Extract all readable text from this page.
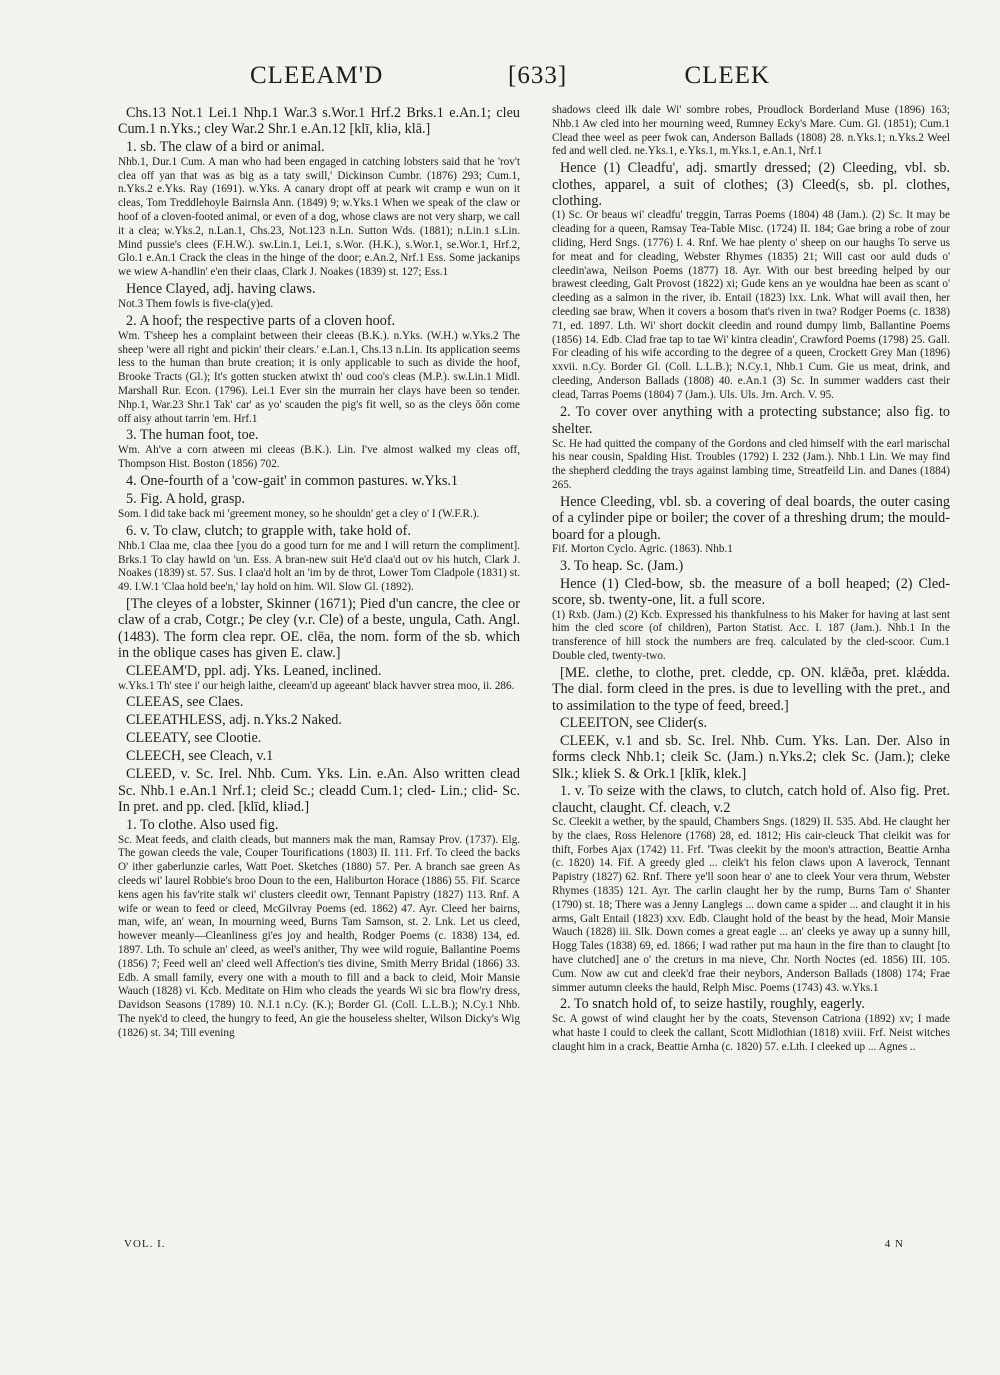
CLEEAM'D	[633]	CLEEK

Chs.13 Not.1 Lei.1 Nhp.1 War.3 s.Wor.1 Hrf.2 Brks.1 e.An.1; cleu Cum.1 n.Yks.; cley War.2 Shr.1 e.An.12 [klī, kliə, klā.]

1. sb. The claw of a bird or animal.

Nhb.1, Dur.1 Cum. A man who had been engaged in catching lobsters said that he 'rov't clea off yan that was as big as a taty swill,' Dickinson Cumbr. (1876) 293; Cum.1, n.Yks.2 e.Yks. Ray (1691). w.Yks. A canary dropt off at peark wit cramp e wun on it cleas, Tom Treddlehoyle Bairnsla Ann. (1849) 9; w.Yks.1 When we speak of the claw or hoof of a cloven-footed animal, or even of a dog, whose claws are not very sharp, we call it a clea; w.Yks.2, n.Lan.1, Chs.23, Not.123 n.Ln. Sutton Wds. (1881); n.Lin.1 s.Lin. Mind pussie's clees (F.H.W.). sw.Lin.1, Lei.1, s.Wor. (H.K.), s.Wor.1, se.Wor.1, Hrf.2, Glo.1 e.An.1 Crack the cleas in the hinge of the door; e.An.2, Nrf.1 Ess. Some jackanips we wiew A-handlin' e'en their claas, Clark J. Noakes (1839) st. 127; Ess.1

Hence Clayed, adj. having claws.

Not.3 Them fowls is five-cla(y)ed.

2. A hoof; the respective parts of a cloven hoof.

Wm. T'sheep hes a complaint between their cleeas (B.K.). n.Yks. (W.H.) w.Yks.2 The sheep 'were all right and pickin' their clears.' e.Lan.1, Chs.13 n.Lin. Its application seems less to the human than brute creation; it is only applicable to such as divide the hoof, Brooke Tracts (Gl.); It's gotten stucken atwixt th' oud coo's cleas (M.P.). sw.Lin.1 Midl. Marshall Rur. Econ. (1796). Lei.1 Ever sin the murrain her clays have been so tender. Nhp.1, War.23 Shr.1 Tak' car' as yo' scauden the pig's fit well, so as the cleys ŏŏn come off aisy athout tarrin 'em. Hrf.1

3. The human foot, toe.

Wm. Ah've a corn atween mi cleeas (B.K.). Lin. I've almost walked my cleas off, Thompson Hist. Boston (1856) 702.

4. One-fourth of a 'cow-gait' in common pastures. w.Yks.1

5. Fig. A hold, grasp.

Som. I did take back mi 'greement money, so he shouldn' get a cley o' I (W.F.R.).

6. v. To claw, clutch; to grapple with, take hold of.

Nhb.1 Claa me, claa thee [you do a good turn for me and I will return the compliment]. Brks.1 To clay hawld on 'un. Ess. A bran-new suit He'd claa'd out ov his hutch, Clark J. Noakes (1839) st. 57. Sus. I claa'd holt an 'im by de throt, Lower Tom Cladpole (1831) st. 49. I.W.1 'Claa hold bee'n,' lay hold on him. Wil. Slow Gl. (1892).

[The cleyes of a lobster, Skinner (1671); Pied d'un cancre, the clee or claw of a crab, Cotgr.; Þe cley (v.r. Cle) of a beste, ungula, Cath. Angl. (1483). The form clea repr. OE. clēa, the nom. form of the sb. which in the oblique cases has given E. claw.]

CLEEAM'D, ppl. adj. Yks. Leaned, inclined.

w.Yks.1 Th' stee i' our heigh laithe, cleeam'd up ageeant' black havver strea moo, ii. 286.

CLEEAS, see Claes.

CLEEATHLESS, adj. n.Yks.2 Naked.

CLEEATY, see Clootie.

CLEECH, see Cleach, v.1

CLEED, v. Sc. Irel. Nhb. Cum. Yks. Lin. e.An. Also written clead Sc. Nhb.1 e.An.1 Nrf.1; cleid Sc.; cleadd Cum.1; cled- Lin.; clid- Sc. In pret. and pp. cled. [klīd, kliəd.]

1. To clothe. Also used fig.

Sc. Meat feeds, and claith cleads, but manners mak the man, Ramsay Prov. (1737). Elg. The gowan cleeds the vale, Couper Tourifications (1803) II. 111. Frf. To cleed the backs O' ither gaberlunzie carles, Watt Poet. Sketches (1880) 57. Per. A branch sae green As cleeds wi' laurel Robbie's broo Doun to the een, Haliburton Horace (1886) 55. Fif. Scarce kens agen his fav'rite stalk wi' clusters cleedit owr, Tennant Papistry (1827) 113. Rnf. A wife or wean to feed or cleed, McGilvray Poems (ed. 1862) 47. Ayr. Cleed her bairns, man, wife, an' wean, In mourning weed, Burns Tam Samson, st. 2. Lnk. Let us cleed, however meanly—Cleanliness gi'es joy and health, Rodger Poems (c. 1838) 134, ed. 1897. Lth. To schule an' cleed, as weel's anither, Thy wee wild roguie, Ballantine Poems (1856) 7; Feed well an' cleed well Affection's ties divine, Smith Merry Bridal (1866) 33. Edb. A small family, every one with a mouth to fill and a back to cleid, Moir Mansie Wauch (1828) vi. Kcb. Meditate on Him who cleads the yeards Wi sic bra flow'ry dress, Davidson Seasons (1789) 10. N.I.1 n.Cy. (K.); Border Gl. (Coll. L.L.B.); N.Cy.1 Nhb. The nyek'd to cleed, the hungry to feed, An gie the houseless shelter, Wilson Dicky's Wig (1826) st. 34; Till evening

shadows cleed ilk dale Wi' sombre robes, Proudlock Borderland Muse (1896) 163; Nhb.1 Aw cled into her mourning weed, Rumney Ecky's Mare. Cum. Gl. (1851); Cum.1 Clead thee weel as peer fwok can, Anderson Ballads (1808) 28. n.Yks.1; n.Yks.2 Weel fed and well cled. ne.Yks.1, e.Yks.1, m.Yks.1, e.An.1, Nrf.1

Hence (1) Cleadfu', adj. smartly dressed; (2) Cleeding, vbl. sb. clothes, apparel, a suit of clothes; (3) Cleed(s, sb. pl. clothes, clothing.

(1) Sc. Or beaus wi' cleadfu' treggin, Tarras Poems (1804) 48 (Jam.). (2) Sc. It may be cleading for a queen, Ramsay Tea-Table Misc. (1724) II. 184; Gae bring a robe of zour cliding, Herd Sngs. (1776) I. 4. Rnf. We hae plenty o' sheep on our haughs To serve us for meat and for cleading, Webster Rhymes (1835) 21; Will cast oor auld duds o' cleedin'awa, Neilson Poems (1877) 18. Ayr. With our best breeding helped by our brawest cleeding, Galt Provost (1822) xi; Gude kens an ye wouldna hae been as scant o' cleeding as a salmon in the river, ib. Entail (1823) lxx. Lnk. What will avail then, her cleeding sae braw, When it covers a bosom that's riven in twa? Rodger Poems (c. 1838) 71, ed. 1897. Lth. Wi' short dockit cleedin and round dumpy limb, Ballantine Poems (1856) 14. Edb. Clad frae tap to tae Wi' kintra cleadin', Crawford Poems (1798) 25. Gall. For cleading of his wife according to the degree of a queen, Crockett Grey Man (1896) xxvii. n.Cy. Border Gl. (Coll. L.L.B.); N.Cy.1, Nhb.1 Cum. Gie us meat, drink, and cleeding, Anderson Ballads (1808) 40. e.An.1 (3) Sc. In summer wadders cast their clead, Tarras Poems (1804) 7 (Jam.). Uls. Uls. Jrn. Arch. V. 95.

2. To cover over anything with a protecting substance; also fig. to shelter.

Sc. He had quitted the company of the Gordons and cled himself with the earl marischal his near cousin, Spalding Hist. Troubles (1792) I. 232 (Jam.). Nhb.1 Lin. We may find the shepherd cledding the trays against lambing time, Streatfeild Lin. and Danes (1884) 265.

Hence Cleeding, vbl. sb. a covering of deal boards, the outer casing of a cylinder pipe or boiler; the cover of a threshing drum; the mould-board for a plough.

Fif. Morton Cyclo. Agric. (1863). Nhb.1

3. To heap. Sc. (Jam.)

Hence (1) Cled-bow, sb. the measure of a boll heaped; (2) Cled-score, sb. twenty-one, lit. a full score.

(1) Rxb. (Jam.) (2) Kcb. Expressed his thankfulness to his Maker for having at last sent him the cled score (of children), Parton Statist. Acc. I. 187 (Jam.). Nhb.1 In the transference of hill stock the numbers are freq. calculated by the cled-scoor. Cum.1 Double cled, twenty-two.

[ME. clethe, to clothe, pret. cledde, cp. ON. klǣða, pret. klǽdda. The dial. form cleed in the pres. is due to levelling with the pret., and to assimilation to the type of feed, breed.]

CLEEITON, see Clider(s.

CLEEK, v.1 and sb. Sc. Irel. Nhb. Cum. Yks. Lan. Der. Also in forms cleck Nhb.1; cleik Sc. (Jam.) n.Yks.2; clek Sc. (Jam.); cleke Slk.; kliek S. & Ork.1 [klīk, klek.]

1. v. To seize with the claws, to clutch, catch hold of. Also fig. Pret. claucht, claught. Cf. cleach, v.2

Sc. Cleekit a wether, by the spauld, Chambers Sngs. (1829) II. 535. Abd. He claught her by the claes, Ross Helenore (1768) 28, ed. 1812; His cair-cleuck That cleikit was for thift, Forbes Ajax (1742) 11. Frf. 'Twas cleekit by the moon's attraction, Beattie Arnha (c. 1820) 14. Fif. A greedy gled ... cleik't his felon claws upon A laverock, Tennant Papistry (1827) 62. Rnf. There ye'll soon hear o' ane to cleek Your vera thrum, Webster Rhymes (1835) 121. Ayr. The carlin claught her by the rump, Burns Tam o' Shanter (1790) st. 18; There was a Jenny Langlegs ... down came a spider ... and claught it in his arms, Galt Entail (1823) xxv. Edb. Claught hold of the beast by the head, Moir Mansie Wauch (1828) iii. Slk. Down comes a great eagle ... an' cleeks ye away up a sunny hill, Hogg Tales (1838) 69, ed. 1866; I wad rather put ma haun in the fire than to claught [to have clutched] ane o' the creturs in ma nieve, Chr. North Noctes (ed. 1856) III. 105. Cum. Now aw cut and cleek'd frae their neybors, Anderson Ballads (1808) 174; Frae simmer autumn cleeks the hauld, Relph Misc. Poems (1743) 43. w.Yks.1

2. To snatch hold of, to seize hastily, roughly, eagerly.

Sc. A gowst of wind claught her by the coats, Stevenson Catriona (1892) xv; I made what haste I could to cleek the callant, Scott Midlothian (1818) xviii. Frf. Neist witches claught him in a crack, Beattie Arnha (c. 1820) 57. e.Lth. I cleeked up ... Agnes ..

VOL. I.	4 N
